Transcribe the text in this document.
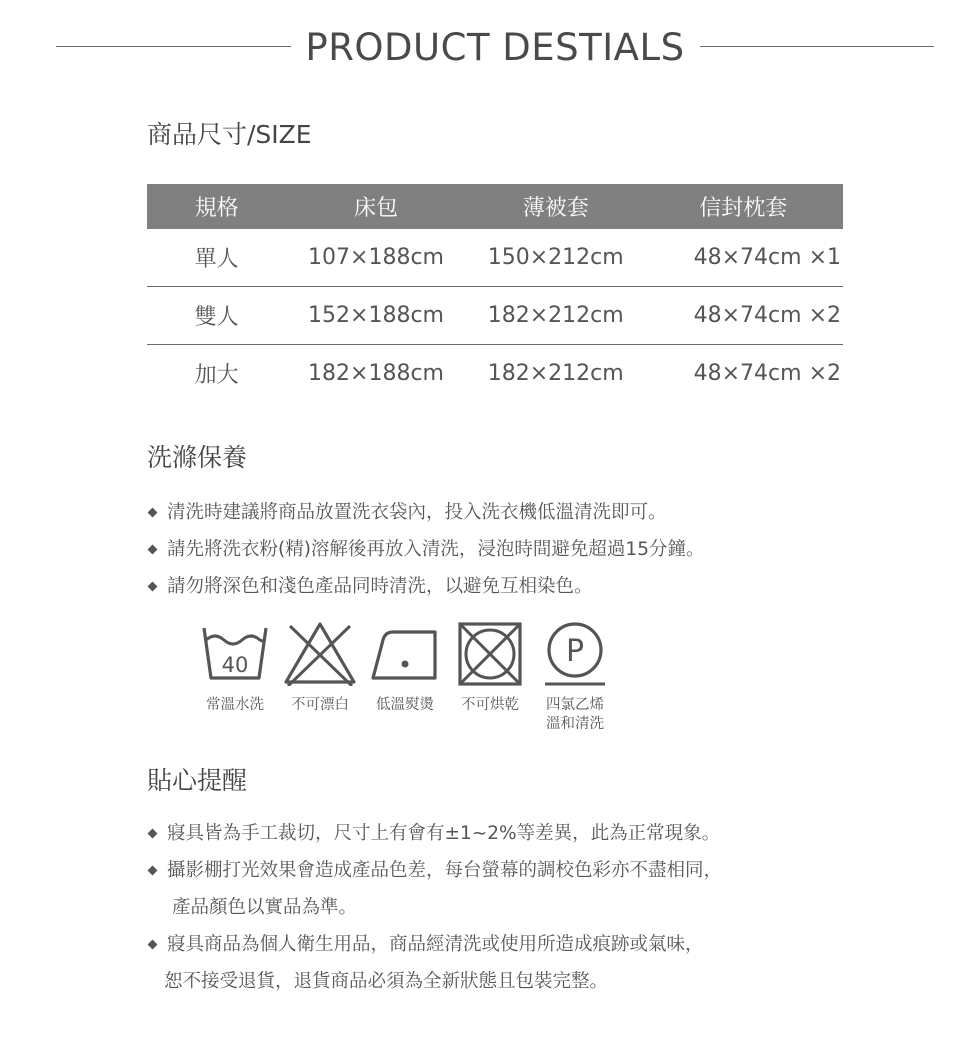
PRODUCT DESTIALS
商品尺寸/SIZE
規格	床包	薄被套	信封枕套
單人	107×188cm	150×212cm	48×74cm ×1
雙人	152×188cm	182×212cm	48×74cm ×2
加大	182×188cm	182×212cm	48×74cm ×2
洗滌保養
清洗時建議將商品放置洗衣袋內，投入洗衣機低溫清洗即可。
請先將洗衣粉(精)溶解後再放入清洗，浸泡時間避免超過15分鐘。
請勿將深色和淺色產品同時清洗，以避免互相染色。
40
常溫水洗	不可漂白	低溫熨燙	不可烘乾
P
四氯乙烯
溫和清洗
貼心提醒
寢具皆為手工裁切，尺寸上有會有±1~2%等差異，此為正常現象。
攝影棚打光效果會造成產品色差，每台螢幕的調校色彩亦不盡相同，
產品顏色以實品為準。
寢具商品為個人衛生用品，商品經清洗或使用所造成痕跡或氣味，
恕不接受退貨，退貨商品必須為全新狀態且包裝完整。
